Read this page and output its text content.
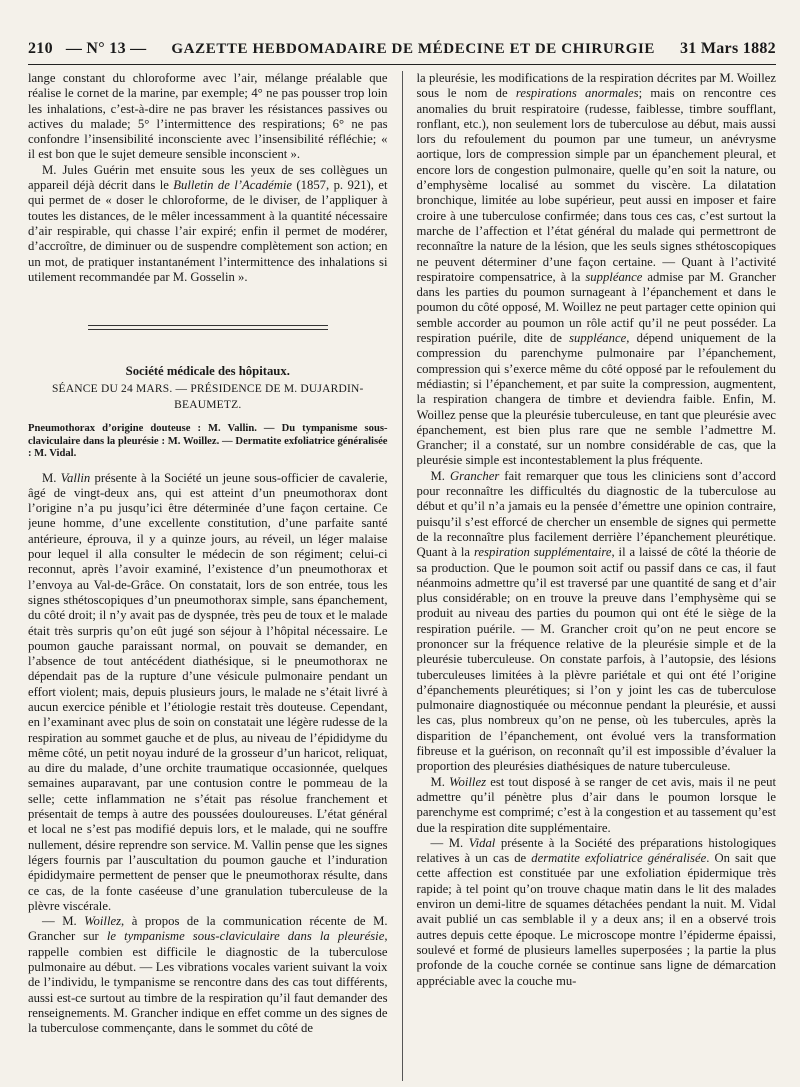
210 — N° 13 — GAZETTE HEBDOMADAIRE DE MÉDECINE ET DE CHIRURGIE 31 Mars 1882

lange constant du chloroforme avec l’air, mélange préalable que réalise le cornet de la marine, par exemple; 4° ne pas pousser trop loin les inhalations, c’est-à-dire ne pas braver les résistances passives ou actives du malade; 5° l’intermittence des respirations; 6° ne pas confondre l’insensibilité inconsciente avec l’insensibilité réfléchie; « il est bon que le sujet demeure sensible inconscient ».

M. Jules Guérin met ensuite sous les yeux de ses collègues un appareil déjà décrit dans le Bulletin de l’Académie (1857, p. 921), et qui permet de « doser le chloroforme, de le diviser, de l’appliquer à toutes les distances, de le mêler incessamment à la quantité nécessaire d’air respirable, qui chasse l’air expiré; enfin il permet de modérer, d’accroître, de diminuer ou de suspendre complètement son action; en un mot, de pratiquer instantanément l’intermittence des inhalations si utilement recommandée par M. Gosselin ».

Société médicale des hôpitaux.
SÉANCE DU 24 MARS. — PRÉSIDENCE DE M. DUJARDIN-BEAUMETZ.
Pneumothorax d’origine douteuse : M. Vallin. — Du tympanisme sous-claviculaire dans la pleurésie : M. Woillez. — Dermatite exfoliatrice généralisée : M. Vidal.

M. Vallin présente à la Société un jeune sous-officier de cavalerie, âgé de vingt-deux ans, qui est atteint d’un pneumothorax dont l’origine n’a pu jusqu’ici être déterminée d’une façon certaine. Ce jeune homme, d’une excellente constitution, d’une parfaite santé antérieure, éprouva, il y a quinze jours, au réveil, un léger malaise pour lequel il alla consulter le médecin de son régiment; celui-ci reconnut, après l’avoir examiné, l’existence d’un pneumothorax et l’envoya au Val-de-Grâce. On constatait, lors de son entrée, tous les signes sthétoscopiques d’un pneumothorax simple, sans épanchement, du côté droit; il n’y avait pas de dyspnée, très peu de toux et le malade était très surpris qu’on eût jugé son séjour à l’hôpital nécessaire. Le poumon gauche paraissant normal, on pouvait se demander, en l’absence de tout antécédent diathésique, si le pneumothorax ne dépendait pas de la rupture d’une vésicule pulmonaire pendant un effort violent; mais, depuis plusieurs jours, le malade ne s’était livré à aucun exercice pénible et l’étiologie restait très douteuse. Cependant, en l’examinant avec plus de soin on constatait une légère rudesse de la respiration au sommet gauche et de plus, au niveau de l’épididyme du même côté, un petit noyau induré de la grosseur d’un haricot, reliquat, au dire du malade, d’une orchite traumatique occasionnée, quelques semaines auparavant, par une contusion contre le pommeau de la selle; cette inflammation ne s’était pas résolue franchement et présentait de temps à autre des poussées douloureuses. L’état général et local ne s’est pas modifié depuis lors, et le malade, qui ne souffre nullement, désire reprendre son service. M. Vallin pense que les signes légers fournis par l’auscultation du poumon gauche et l’induration épididymaire permettent de penser que le pneumothorax résulte, dans ce cas, de la fonte caséeuse d’une granulation tuberculeuse de la plèvre viscérale.

— M. Woillez, à propos de la communication récente de M. Grancher sur le tympanisme sous-claviculaire dans la pleurésie, rappelle combien est difficile le diagnostic de la tuberculose pulmonaire au début. — Les vibrations vocales varient suivant la voix de l’individu, le tympanisme se rencontre dans des cas tout différents, aussi est-ce surtout au timbre de la respiration qu’il faut demander des renseignements. M. Grancher indique en effet comme un des signes de la tuberculose commençante, dans le sommet du côté de

la pleurésie, les modifications de la respiration décrites par M. Woillez sous le nom de respirations anormales; mais on rencontre ces anomalies du bruit respiratoire (rudesse, faiblesse, timbre soufflant, ronflant, etc.), non seulement lors de tuberculose au début, mais aussi lors du refoulement du poumon par une tumeur, un anévrysme aortique, lors de compression simple par un épanchement pleural, et encore lors de congestion pulmonaire, quelle qu’en soit la nature, ou d’emphysème localisé au sommet du viscère. La dilatation bronchique, limitée au lobe supérieur, peut aussi en imposer et faire croire à une tuberculose confirmée; dans tous ces cas, c’est surtout la marche de l’affection et l’état général du malade qui permettront de reconnaître la nature de la lésion, que les seuls signes sthétoscopiques ne peuvent déterminer d’une façon certaine. — Quant à l’activité respiratoire compensatrice, à la suppléance admise par M. Grancher dans les parties du poumon surnageant à l’épanchement et dans le poumon du côté opposé, M. Woillez ne peut partager cette opinion qui semble accorder au poumon un rôle actif qu’il ne peut posséder. La respiration puérile, dite de suppléance, dépend uniquement de la compression du parenchyme pulmonaire par l’épanchement, compression qui s’exerce même du côté opposé par le refoulement du médiastin; si l’épanchement, et par suite la compression, augmentent, la respiration changera de timbre et deviendra faible. Enfin, M. Woillez pense que la pleurésie tuberculeuse, en tant que pleurésie avec épanchement, est bien plus rare que ne semble l’admettre M. Grancher; il a constaté, sur un nombre considérable de cas, que la pleurésie simple est incontestablement la plus fréquente.

M. Grancher fait remarquer que tous les cliniciens sont d’accord pour reconnaître les difficultés du diagnostic de la tuberculose au début et qu’il n’a jamais eu la pensée d’émettre une opinion contraire, puisqu’il s’est efforcé de chercher un ensemble de signes qui permette de la reconnaître plus facilement derrière l’épanchement pleurétique. Quant à la respiration supplémentaire, il a laissé de côté la théorie de sa production. Que le poumon soit actif ou passif dans ce cas, il faut néanmoins admettre qu’il est traversé par une quantité de sang et d’air plus considérable; on en trouve la preuve dans l’emphysème qui se produit au niveau des parties du poumon qui ont été le siège de la respiration puérile. — M. Grancher croit qu’on ne peut encore se prononcer sur la fréquence relative de la pleurésie simple et de la pleurésie tuberculeuse. On constate parfois, à l’autopsie, des lésions tuberculeuses limitées à la plèvre pariétale et qui ont été l’origine d’épanchements pleurétiques; si l’on y joint les cas de tuberculose pulmonaire diagnostiquée ou méconnue pendant la pleurésie, et aussi les cas, plus nombreux qu’on ne pense, où les tubercules, après la disparition de l’épanchement, ont évolué vers la transformation fibreuse et la guérison, on reconnaît qu’il est impossible d’évaluer la proportion des pleurésies diathésiques de nature tuberculeuse.

M. Woillez est tout disposé à se ranger de cet avis, mais il ne peut admettre qu’il pénètre plus d’air dans le poumon lorsque le parenchyme est comprimé; c’est à la congestion et au tassement qu’est due la respiration dite supplémentaire.

— M. Vidal présente à la Société des préparations histologiques relatives à un cas de dermatite exfoliatrice généralisée. On sait que cette affection est constituée par une exfoliation épidermique très rapide; à tel point qu’on trouve chaque matin dans le lit des malades environ un demi-litre de squames détachées pendant la nuit. M. Vidal avait publié un cas semblable il y a deux ans; il en a observé trois autres depuis cette époque. Le microscope montre l’épiderme épaissi, soulevé et formé de plusieurs lamelles superposées ; la partie la plus profonde de la couche cornée se continue sans ligne de démarcation appréciable avec la couche mu-
